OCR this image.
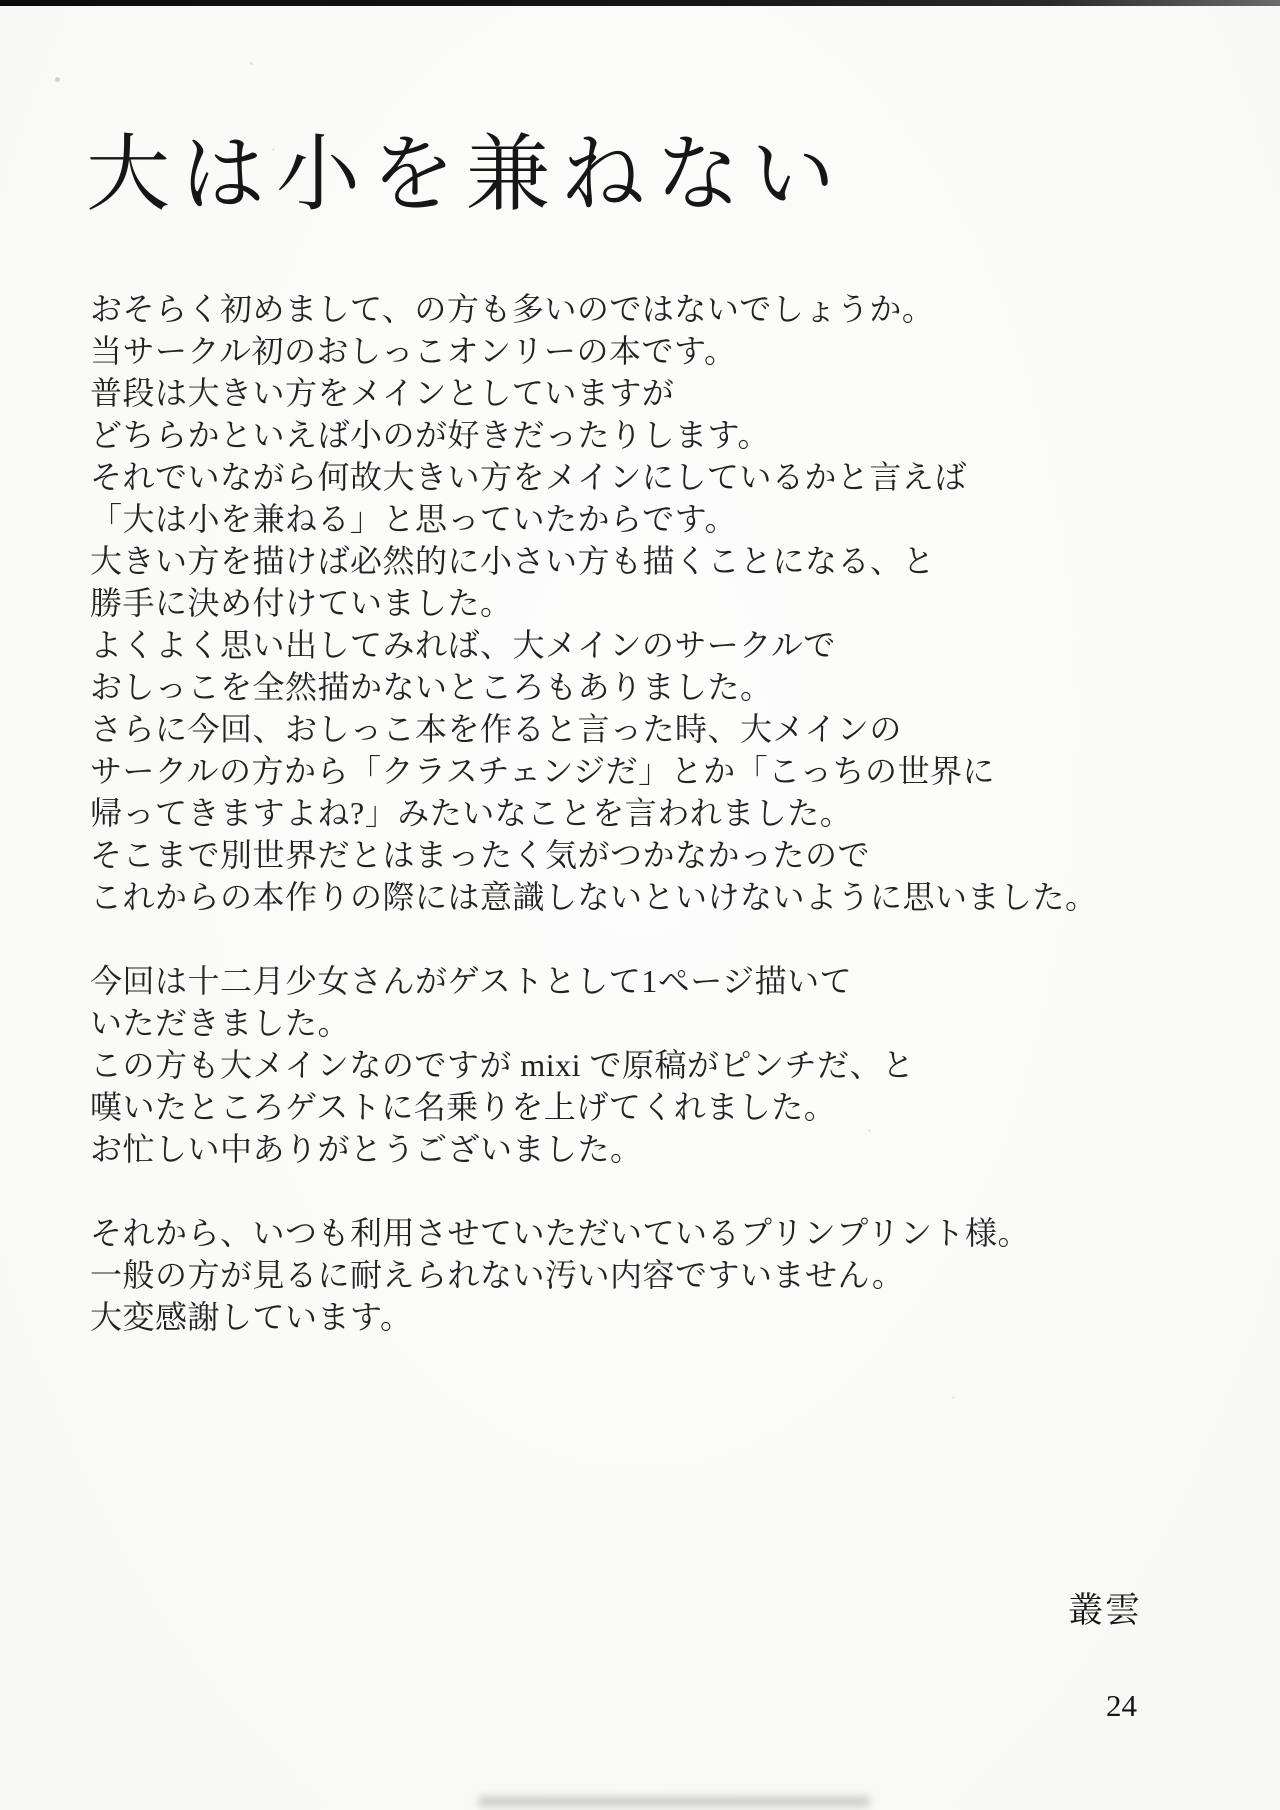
大は小を兼ねない
おそらく初めまして、の方も多いのではないでしょうか。
当サークル初のおしっこオンリーの本です。
普段は大きい方をメインとしていますが
どちらかといえば小のが好きだったりします。
それでいながら何故大きい方をメインにしているかと言えば
「大は小を兼ねる」と思っていたからです。
大きい方を描けば必然的に小さい方も描くことになる、と
勝手に決め付けていました。
よくよく思い出してみれば、大メインのサークルで
おしっこを全然描かないところもありました。
さらに今回、おしっこ本を作ると言った時、大メインの
サークルの方から「クラスチェンジだ」とか「こっちの世界に
帰ってきますよね?」みたいなことを言われました。
そこまで別世界だとはまったく気がつかなかったので
これからの本作りの際には意識しないといけないように思いました。
今回は十二月少女さんがゲストとして1ページ描いて
いただきました。
この方も大メインなのですが mixi で原稿がピンチだ、と
嘆いたところゲストに名乗りを上げてくれました。
お忙しい中ありがとうございました。
それから、いつも利用させていただいているプリンプリント様。
一般の方が見るに耐えられない汚い内容ですいません。
大変感謝しています。
叢雲
24
